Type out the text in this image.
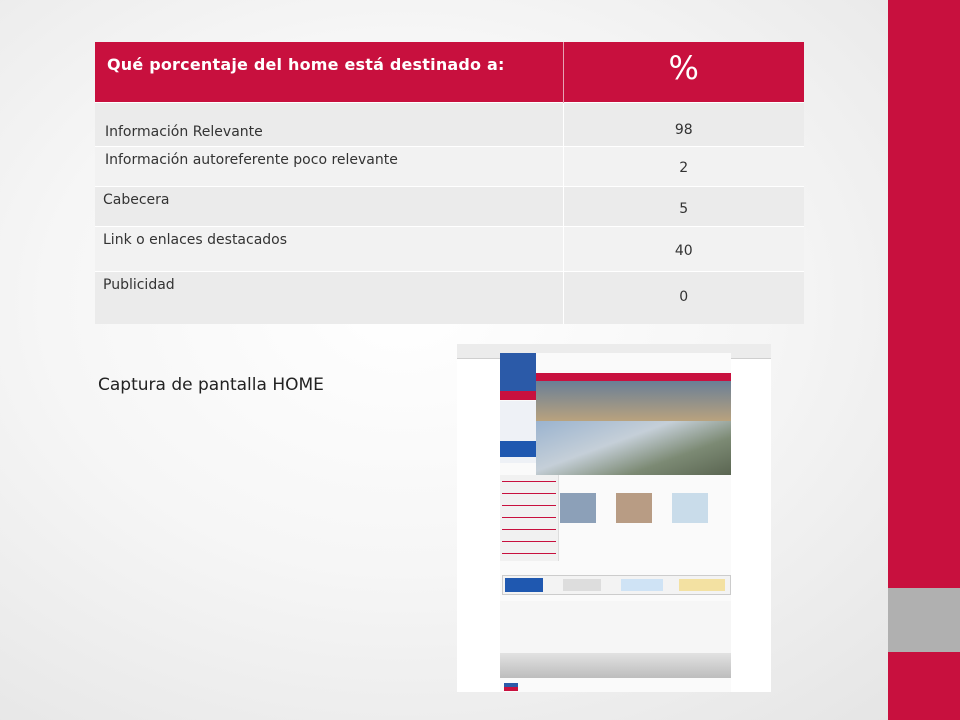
Qué porcentaje del home está destinado a:	%

Información Relevante	98

Información autoreferente poco relevante	2

Cabecera	5

Link o enlaces destacados	40

Publicidad	0
Captura de pantalla HOME
